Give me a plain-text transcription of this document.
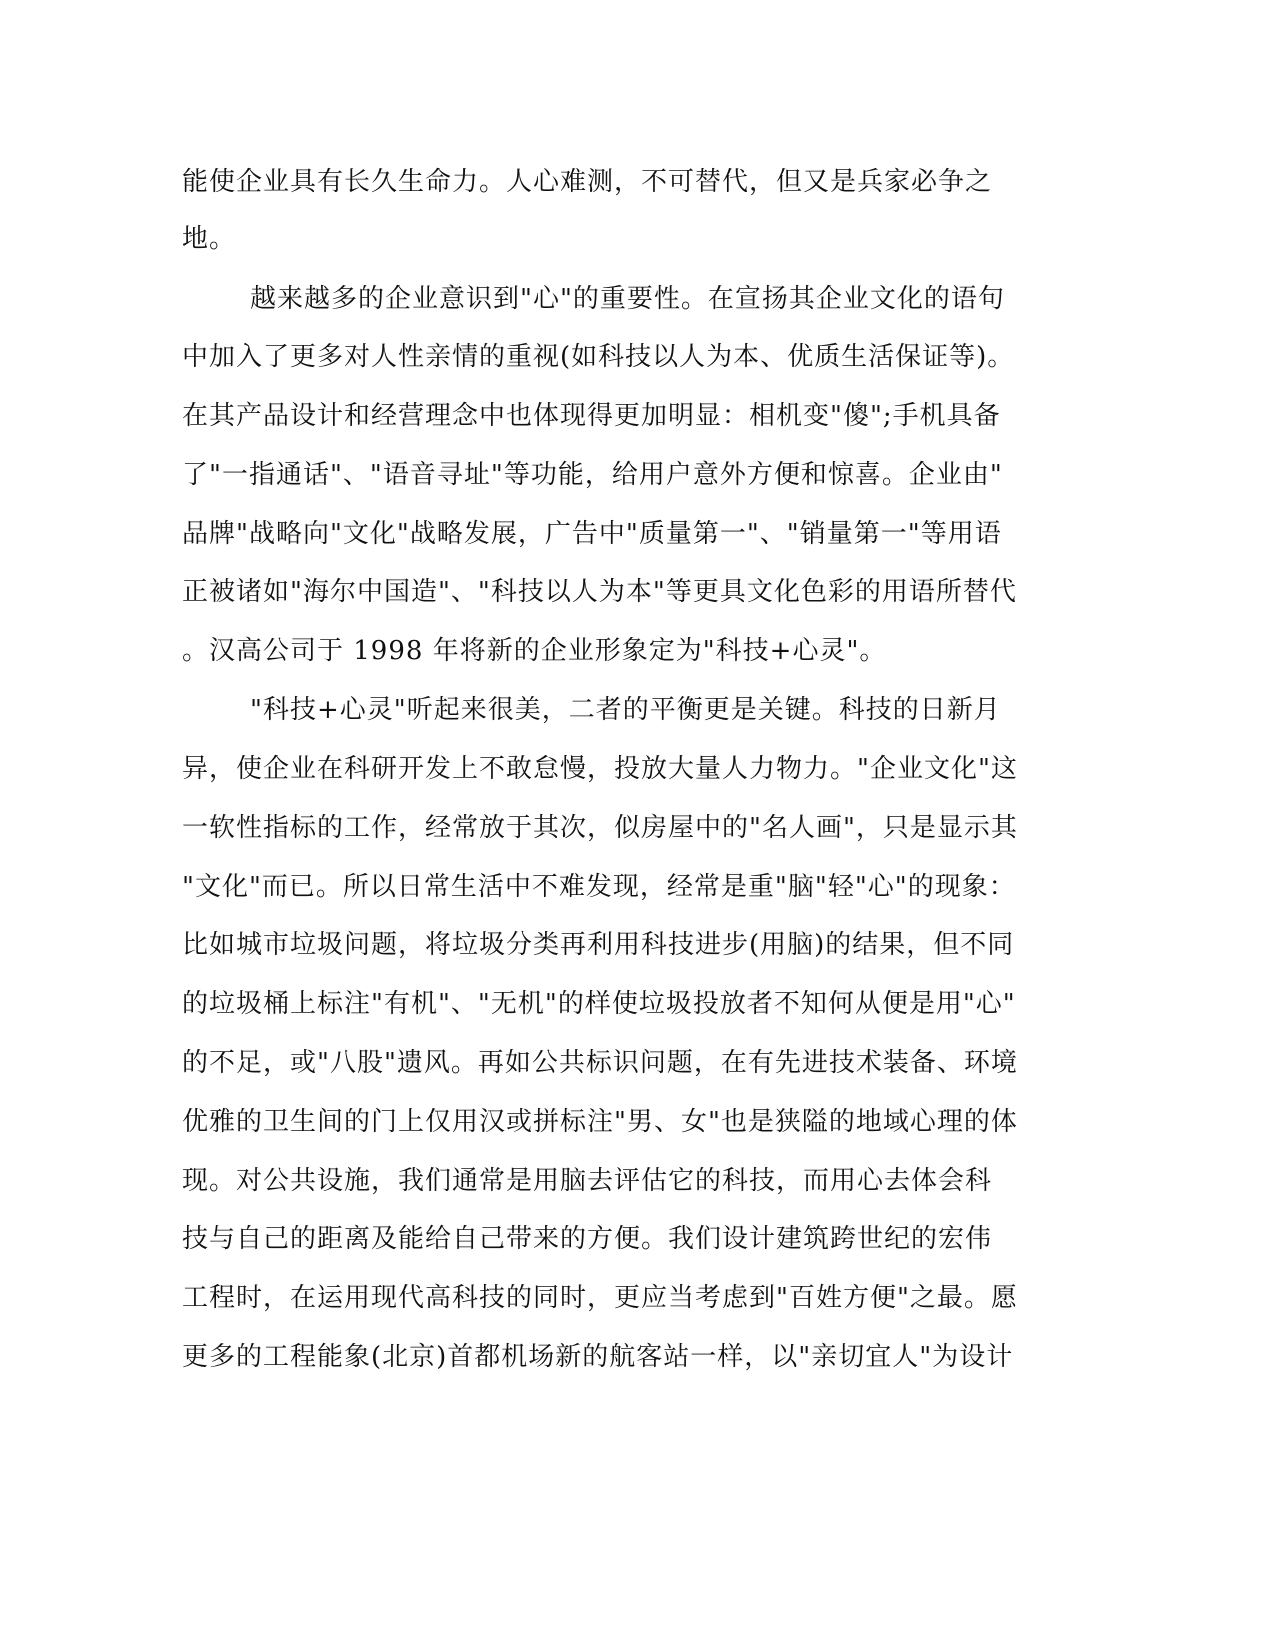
能使企业具有长久生命力。人心难测，不可替代，但又是兵家必争之
地。
越来越多的企业意识到"心"的重要性。在宣扬其企业文化的语句
中加入了更多对人性亲情的重视(如科技以人为本、优质生活保证等)。
在其产品设计和经营理念中也体现得更加明显：相机变"傻";手机具备
了"一指通话"、"语音寻址"等功能，给用户意外方便和惊喜。企业由"
品牌"战略向"文化"战略发展，广告中"质量第一"、"销量第一"等用语
正被诸如"海尔中国造"、"科技以人为本"等更具文化色彩的用语所替代
。汉高公司于 1998 年将新的企业形象定为"科技+心灵"。
"科技+心灵"听起来很美，二者的平衡更是关键。科技的日新月
异，使企业在科研开发上不敢怠慢，投放大量人力物力。"企业文化"这
一软性指标的工作，经常放于其次，似房屋中的"名人画"，只是显示其
"文化"而已。所以日常生活中不难发现，经常是重"脑"轻"心"的现象：
比如城市垃圾问题，将垃圾分类再利用科技进步(用脑)的结果，但不同
的垃圾桶上标注"有机"、"无机"的样使垃圾投放者不知何从便是用"心"
的不足，或"八股"遗风。再如公共标识问题，在有先进技术装备、环境
优雅的卫生间的门上仅用汉或拼标注"男、女"也是狭隘的地域心理的体
现。对公共设施，我们通常是用脑去评估它的科技，而用心去体会科
技与自己的距离及能给自己带来的方便。我们设计建筑跨世纪的宏伟
工程时，在运用现代高科技的同时，更应当考虑到"百姓方便"之最。愿
更多的工程能象(北京)首都机场新的航客站一样，以"亲切宜人"为设计
